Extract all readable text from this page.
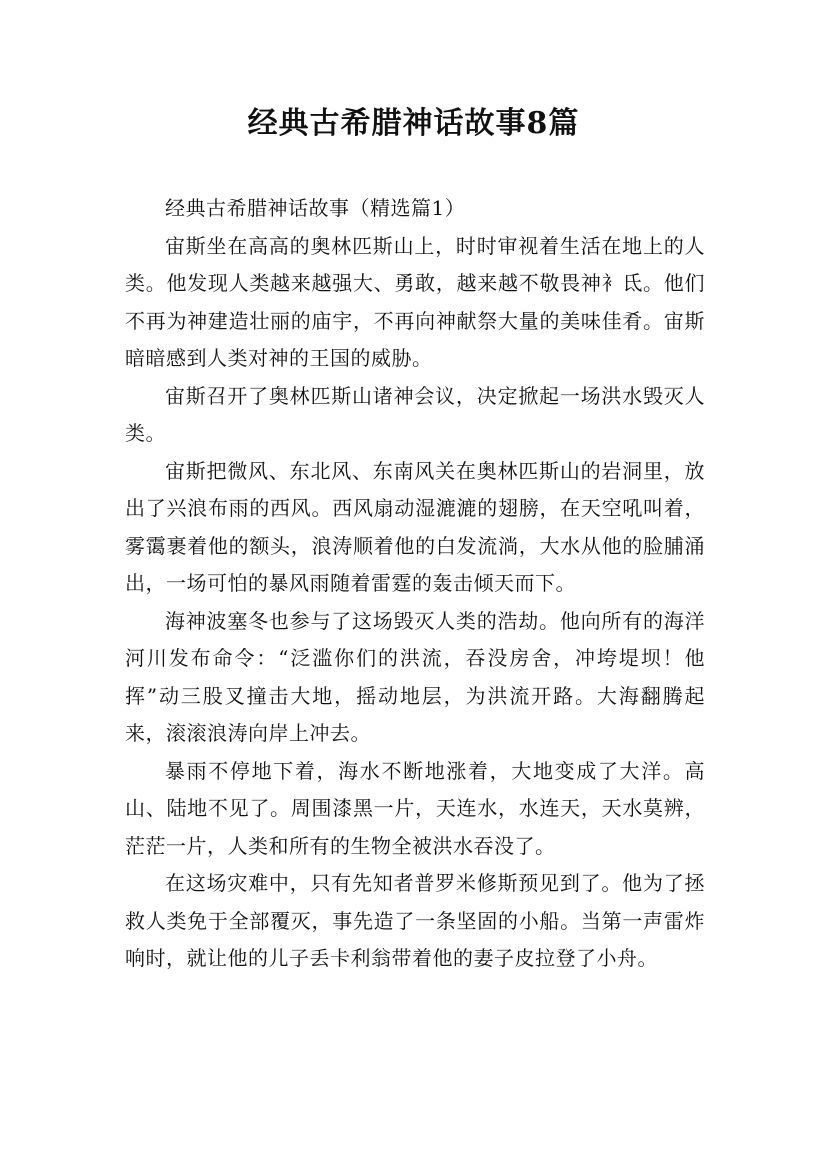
经典古希腊神话故事8篇

经典古希腊神话故事（精选篇1）

宙斯坐在高高的奥林匹斯山上，时时审视着生活在地上的人类。他发现人类越来越强大、勇敢，越来越不敬畏神衤氐。他们不再为神建造壮丽的庙宇，不再向神献祭大量的美味佳肴。宙斯暗暗感到人类对神的王国的威胁。

宙斯召开了奥林匹斯山诸神会议，决定掀起一场洪水毁灭人类。

宙斯把微风、东北风、东南风关在奥林匹斯山的岩洞里，放出了兴浪布雨的西风。西风扇动湿漉漉的翅膀，在天空吼叫着，雾霭裹着他的额头，浪涛顺着他的白发流淌，大水从他的脸脯涌出，一场可怕的暴风雨随着雷霆的轰击倾天而下。

海神波塞冬也参与了这场毁灭人类的浩劫。他向所有的海洋河川发布命令：“泛滥你们的洪流，吞没房舍，冲垮堤坝！他挥”动三股叉撞击大地，摇动地层，为洪流开路。大海翻腾起来，滚滚浪涛向岸上冲去。

暴雨不停地下着，海水不断地涨着，大地变成了大洋。高山、陆地不见了。周围漆黑一片，天连水，水连天，天水莫辨，茫茫一片，人类和所有的生物全被洪水吞没了。

在这场灾难中，只有先知者普罗米修斯预见到了。他为了拯救人类免于全部覆灭，事先造了一条坚固的小船。当第一声雷炸响时，就让他的儿子丢卡利翁带着他的妻子皮拉登了小舟。
